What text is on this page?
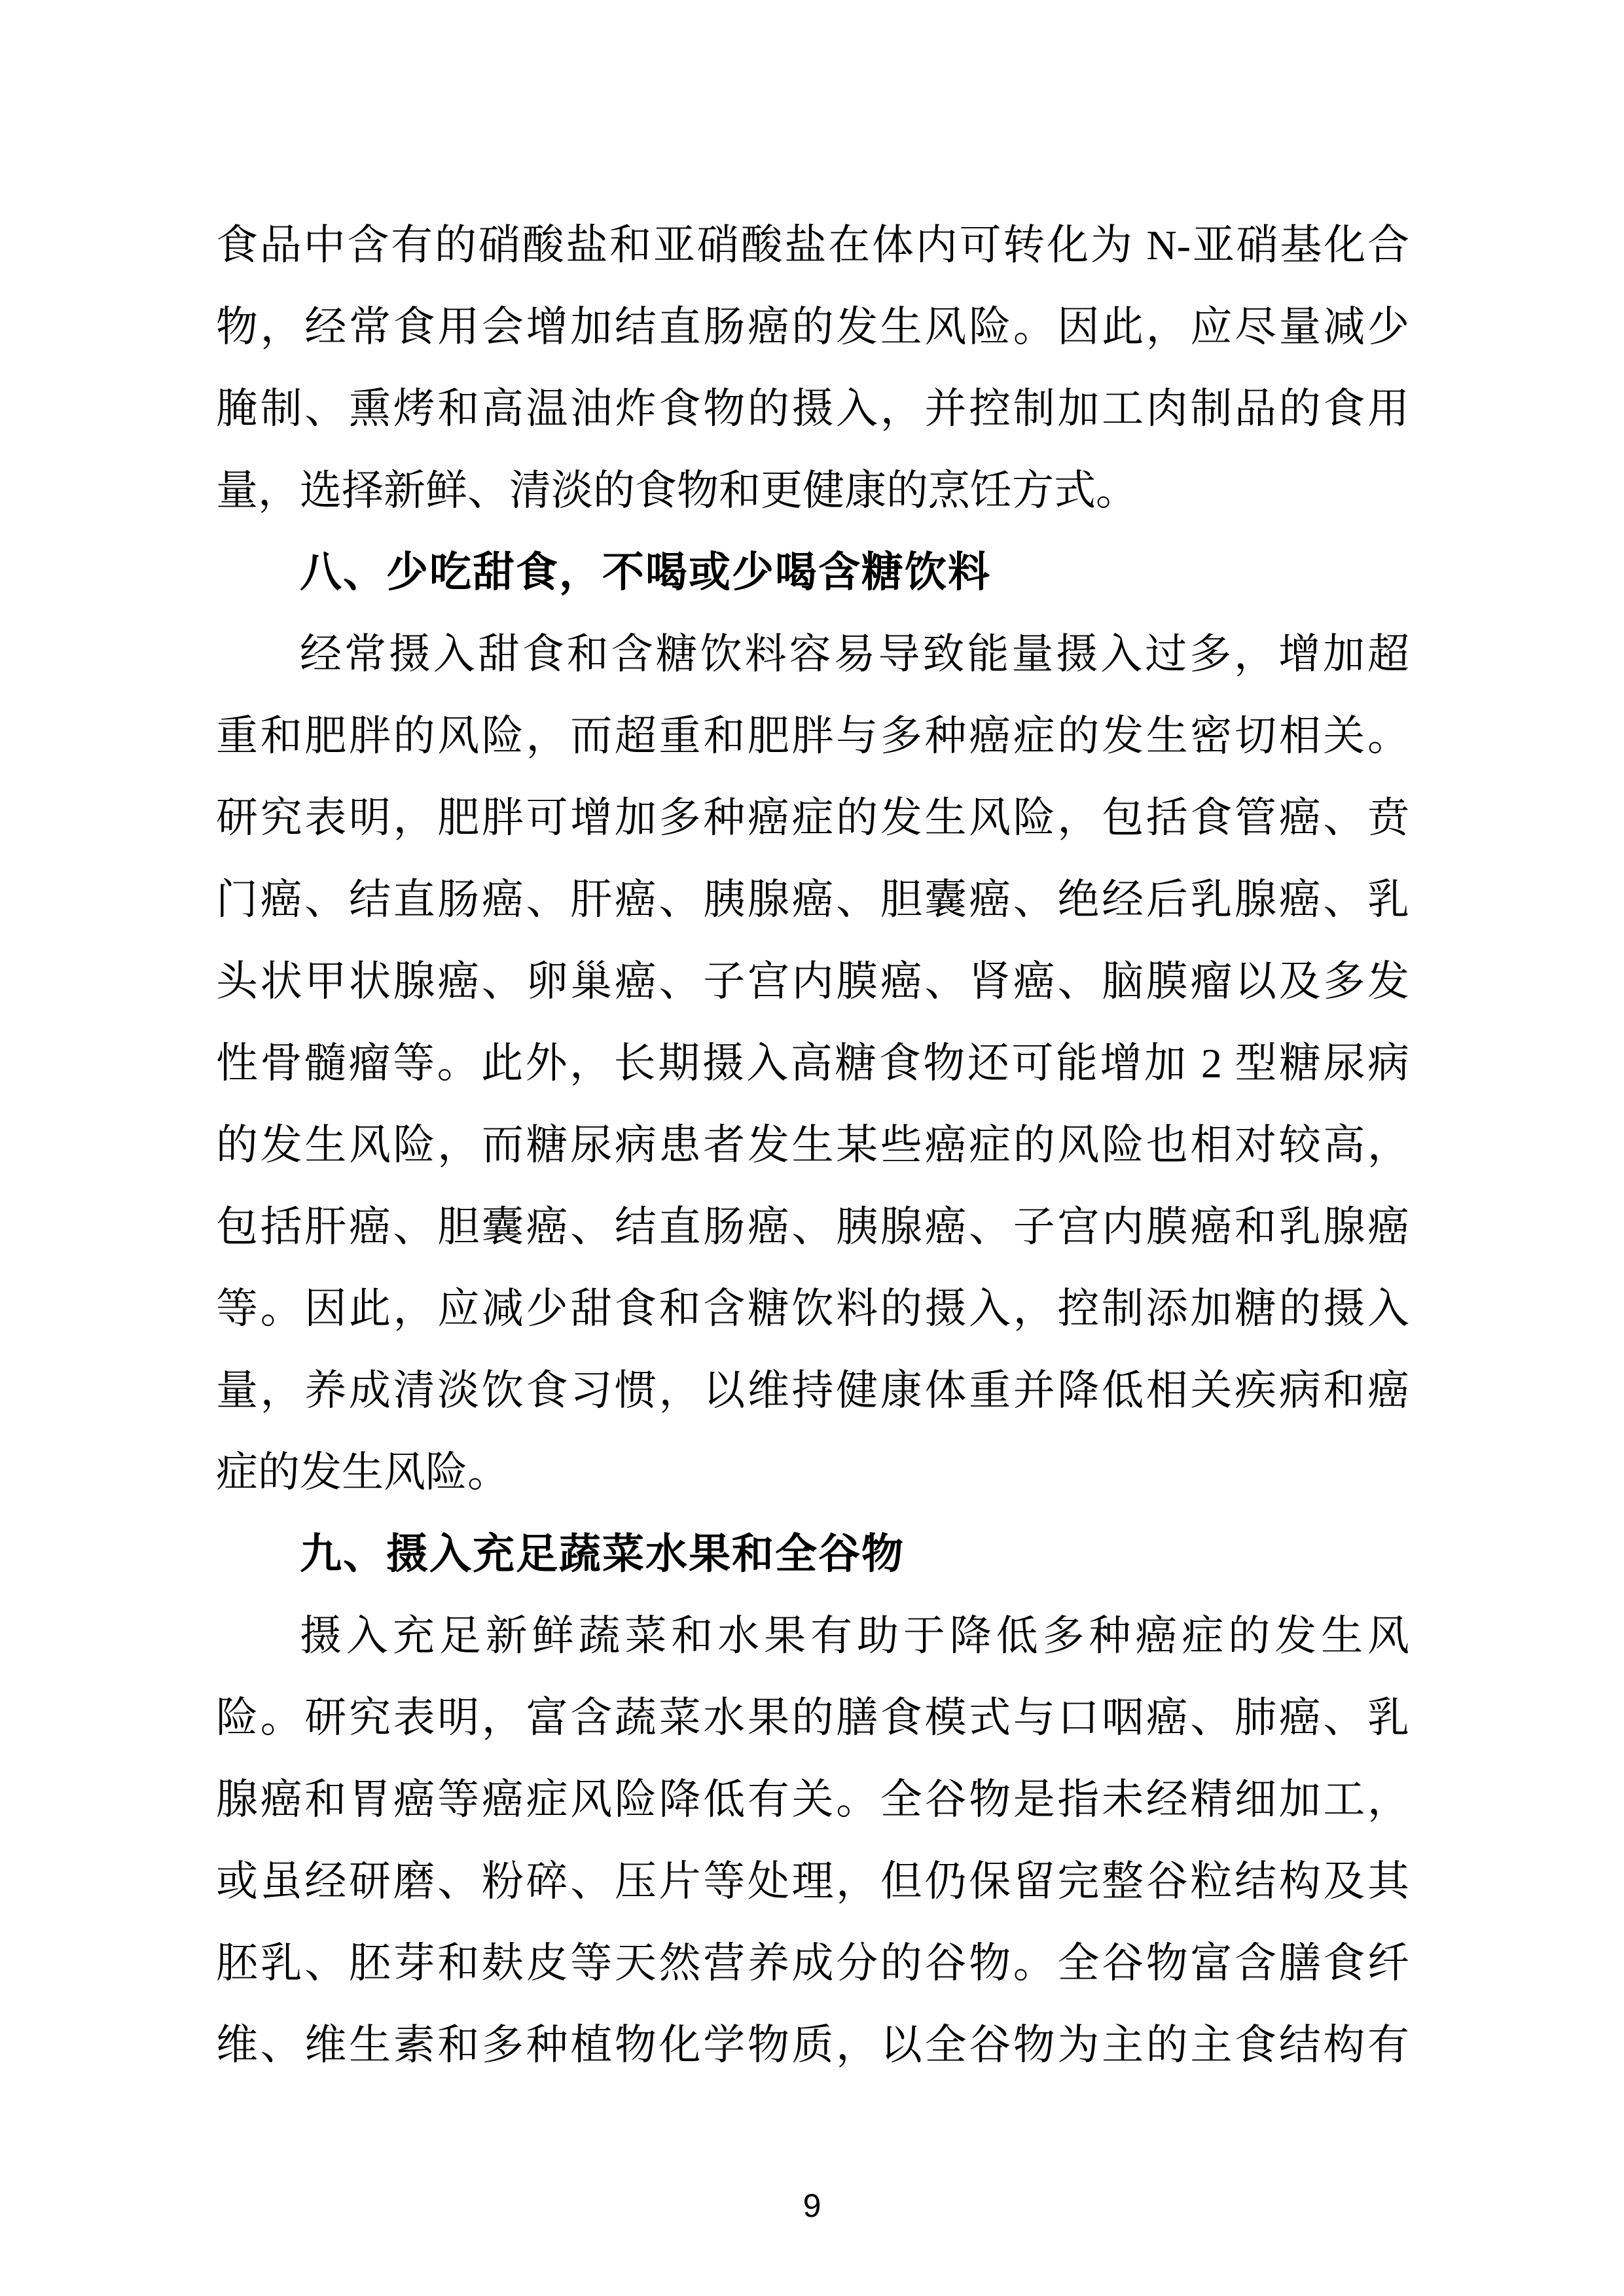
食品中含有的硝酸盐和亚硝酸盐在体内可转化为 N-亚硝基化合
物，经常食用会增加结直肠癌的发生风险。因此，应尽量减少
腌制、熏烤和高温油炸食物的摄入，并控制加工肉制品的食用
量，选择新鲜、清淡的食物和更健康的烹饪方式。
八、少吃甜食，不喝或少喝含糖饮料
经常摄入甜食和含糖饮料容易导致能量摄入过多，增加超
重和肥胖的风险，而超重和肥胖与多种癌症的发生密切相关。
研究表明，肥胖可增加多种癌症的发生风险，包括食管癌、贲
门癌、结直肠癌、肝癌、胰腺癌、胆囊癌、绝经后乳腺癌、乳
头状甲状腺癌、卵巢癌、子宫内膜癌、肾癌、脑膜瘤以及多发
性骨髓瘤等。此外，长期摄入高糖食物还可能增加 2 型糖尿病
的发生风险，而糖尿病患者发生某些癌症的风险也相对较高，
包括肝癌、胆囊癌、结直肠癌、胰腺癌、子宫内膜癌和乳腺癌
等。因此，应减少甜食和含糖饮料的摄入，控制添加糖的摄入
量，养成清淡饮食习惯，以维持健康体重并降低相关疾病和癌
症的发生风险。
九、摄入充足蔬菜水果和全谷物
摄入充足新鲜蔬菜和水果有助于降低多种癌症的发生风
险。研究表明，富含蔬菜水果的膳食模式与口咽癌、肺癌、乳
腺癌和胃癌等癌症风险降低有关。全谷物是指未经精细加工，
或虽经研磨、粉碎、压片等处理，但仍保留完整谷粒结构及其
胚乳、胚芽和麸皮等天然营养成分的谷物。全谷物富含膳食纤
维、维生素和多种植物化学物质，以全谷物为主的主食结构有
9
